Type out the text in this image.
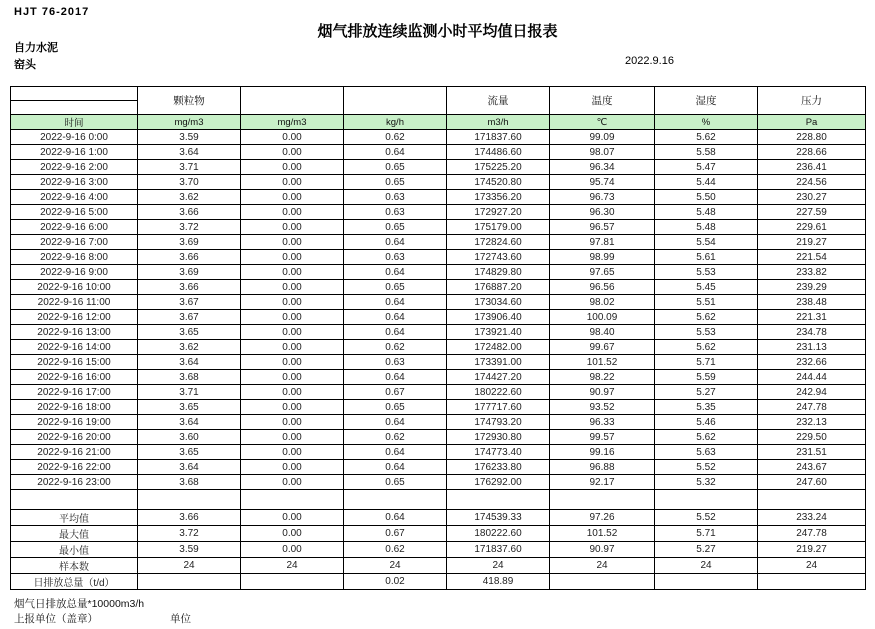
HJT 76-2017
烟气排放连续监测小时平均值日报表
自力水泥
窑头	2022.9.16
	颗粒物			流量	温度	湿度	压力
时间	mg/m3	mg/m3	kg/h	m3/h	℃	%	Pa
2022-9-16 0:00	3.59	0.00	0.62	171837.60	99.09	5.62	228.80
2022-9-16 1:00	3.64	0.00	0.64	174486.60	98.07	5.58	228.66
2022-9-16 2:00	3.71	0.00	0.65	175225.20	96.34	5.47	236.41
2022-9-16 3:00	3.70	0.00	0.65	174520.80	95.74	5.44	224.56
2022-9-16 4:00	3.62	0.00	0.63	173356.20	96.73	5.50	230.27
2022-9-16 5:00	3.66	0.00	0.63	172927.20	96.30	5.48	227.59
2022-9-16 6:00	3.72	0.00	0.65	175179.00	96.57	5.48	229.61
2022-9-16 7:00	3.69	0.00	0.64	172824.60	97.81	5.54	219.27
2022-9-16 8:00	3.66	0.00	0.63	172743.60	98.99	5.61	221.54
2022-9-16 9:00	3.69	0.00	0.64	174829.80	97.65	5.53	233.82
2022-9-16 10:00	3.66	0.00	0.65	176887.20	96.56	5.45	239.29
2022-9-16 11:00	3.67	0.00	0.64	173034.60	98.02	5.51	238.48
2022-9-16 12:00	3.67	0.00	0.64	173906.40	100.09	5.62	221.31
2022-9-16 13:00	3.65	0.00	0.64	173921.40	98.40	5.53	234.78
2022-9-16 14:00	3.62	0.00	0.62	172482.00	99.67	5.62	231.13
2022-9-16 15:00	3.64	0.00	0.63	173391.00	101.52	5.71	232.66
2022-9-16 16:00	3.68	0.00	0.64	174427.20	98.22	5.59	244.44
2022-9-16 17:00	3.71	0.00	0.67	180222.60	90.97	5.27	242.94
2022-9-16 18:00	3.65	0.00	0.65	177717.60	93.52	5.35	247.78
2022-9-16 19:00	3.64	0.00	0.64	174793.20	96.33	5.46	232.13
2022-9-16 20:00	3.60	0.00	0.62	172930.80	99.57	5.62	229.50
2022-9-16 21:00	3.65	0.00	0.64	174773.40	99.16	5.63	231.51
2022-9-16 22:00	3.64	0.00	0.64	176233.80	96.88	5.52	243.67
2022-9-16 23:00	3.68	0.00	0.65	176292.00	92.17	5.32	247.60

平均值	3.66	0.00	0.64	174539.33	97.26	5.52	233.24
最大值	3.72	0.00	0.67	180222.60	101.52	5.71	247.78
最小值	3.59	0.00	0.62	171837.60	90.97	5.27	219.27
样本数	24	24	24	24	24	24	24
日排放总量（t/d）			0.02	418.89			
烟气日排放总量*10000m3/h
上报单位（盖章）	单位
